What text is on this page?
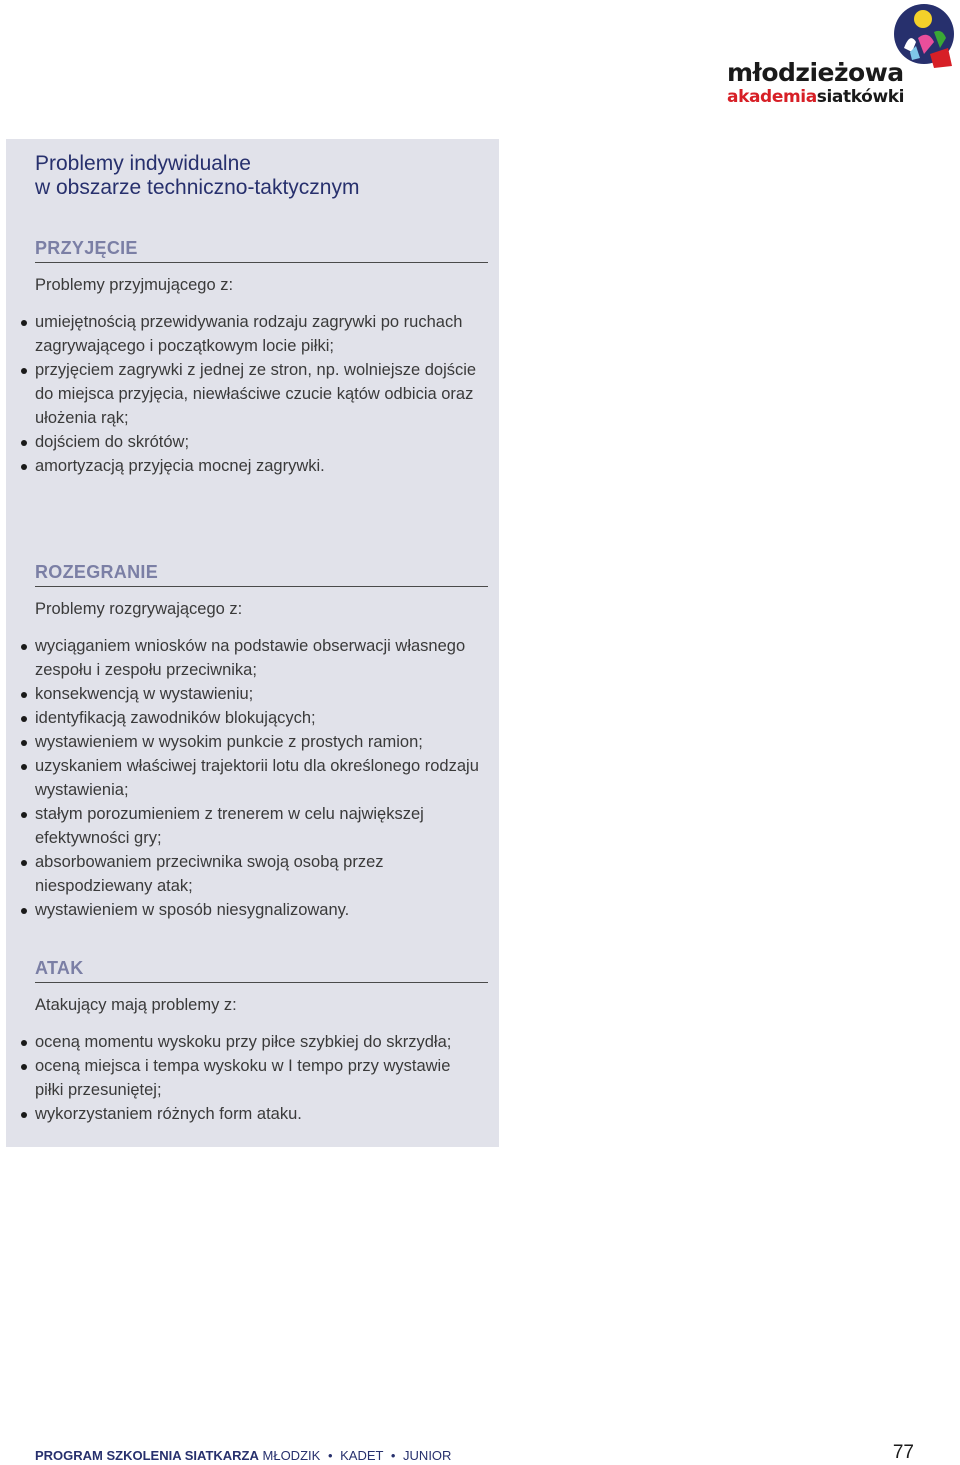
młodzieżowa
akademiasiatkówki
Problemy indywidualne
w obszarze techniczno-taktycznym
PRZYJĘCIE
Problemy przyjmującego z:
umiejętnością przewidywania rodzaju zagrywki po ruchach zagrywającego i początkowym locie piłki;
przyjęciem zagrywki z jednej ze stron, np. wolniejsze dojście do miejsca przyjęcia, niewłaściwe czucie kątów odbicia oraz ułożenia rąk;
dojściem do skrótów;
amortyzacją przyjęcia mocnej zagrywki.
ROZEGRANIE
Problemy rozgrywającego z:
wyciąganiem wniosków na podstawie obserwacji własnego zespołu i zespołu przeciwnika;
konsekwencją w wystawieniu;
identyfikacją zawodników blokujących;
wystawieniem w wysokim punkcie z prostych ramion;
uzyskaniem właściwej trajektorii lotu dla określonego rodzaju wystawienia;
stałym porozumieniem z trenerem w celu największej efektywności gry;
absorbowaniem przeciwnika swoją osobą przez niespodziewany atak;
wystawieniem w sposób niesygnalizowany.
ATAK
Atakujący mają problemy z:
oceną momentu wyskoku przy piłce szybkiej do skrzydła;
oceną miejsca i tempa wyskoku w I tempo przy wystawie piłki przesuniętej;
wykorzystaniem różnych form ataku.
PROGRAM SZKOLENIA SIATKARZA MŁODZIK • KADET • JUNIOR	77
